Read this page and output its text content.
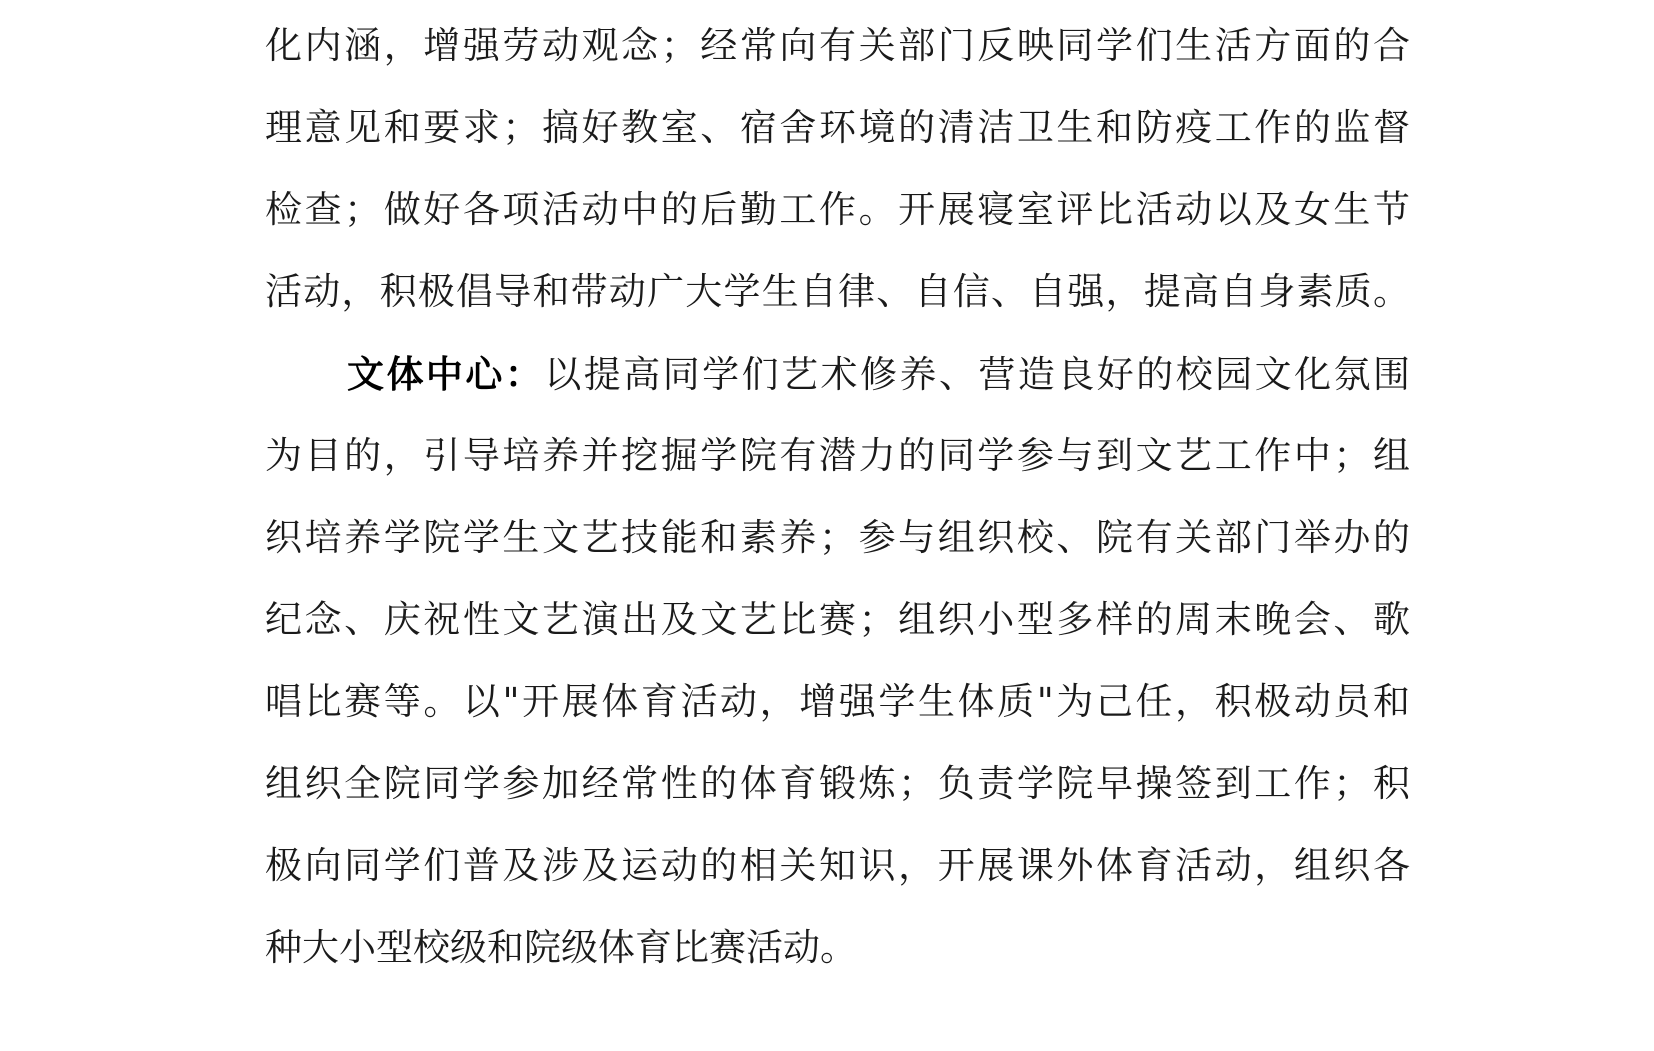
化内涵，增强劳动观念；经常向有关部门反映同学们生活方面的合
理意见和要求；搞好教室、宿舍环境的清洁卫生和防疫工作的监督
检查；做好各项活动中的后勤工作。开展寝室评比活动以及女生节
活动，积极倡导和带动广大学生自律、自信、自强，提高自身素质。
文体中心：以提高同学们艺术修养、营造良好的校园文化氛围
为目的，引导培养并挖掘学院有潜力的同学参与到文艺工作中；组
织培养学院学生文艺技能和素养；参与组织校、院有关部门举办的
纪念、庆祝性文艺演出及文艺比赛；组织小型多样的周末晚会、歌
唱比赛等。以"开展体育活动，增强学生体质"为己任，积极动员和
组织全院同学参加经常性的体育锻炼；负责学院早操签到工作；积
极向同学们普及涉及运动的相关知识，开展课外体育活动，组织各
种大小型校级和院级体育比赛活动。
